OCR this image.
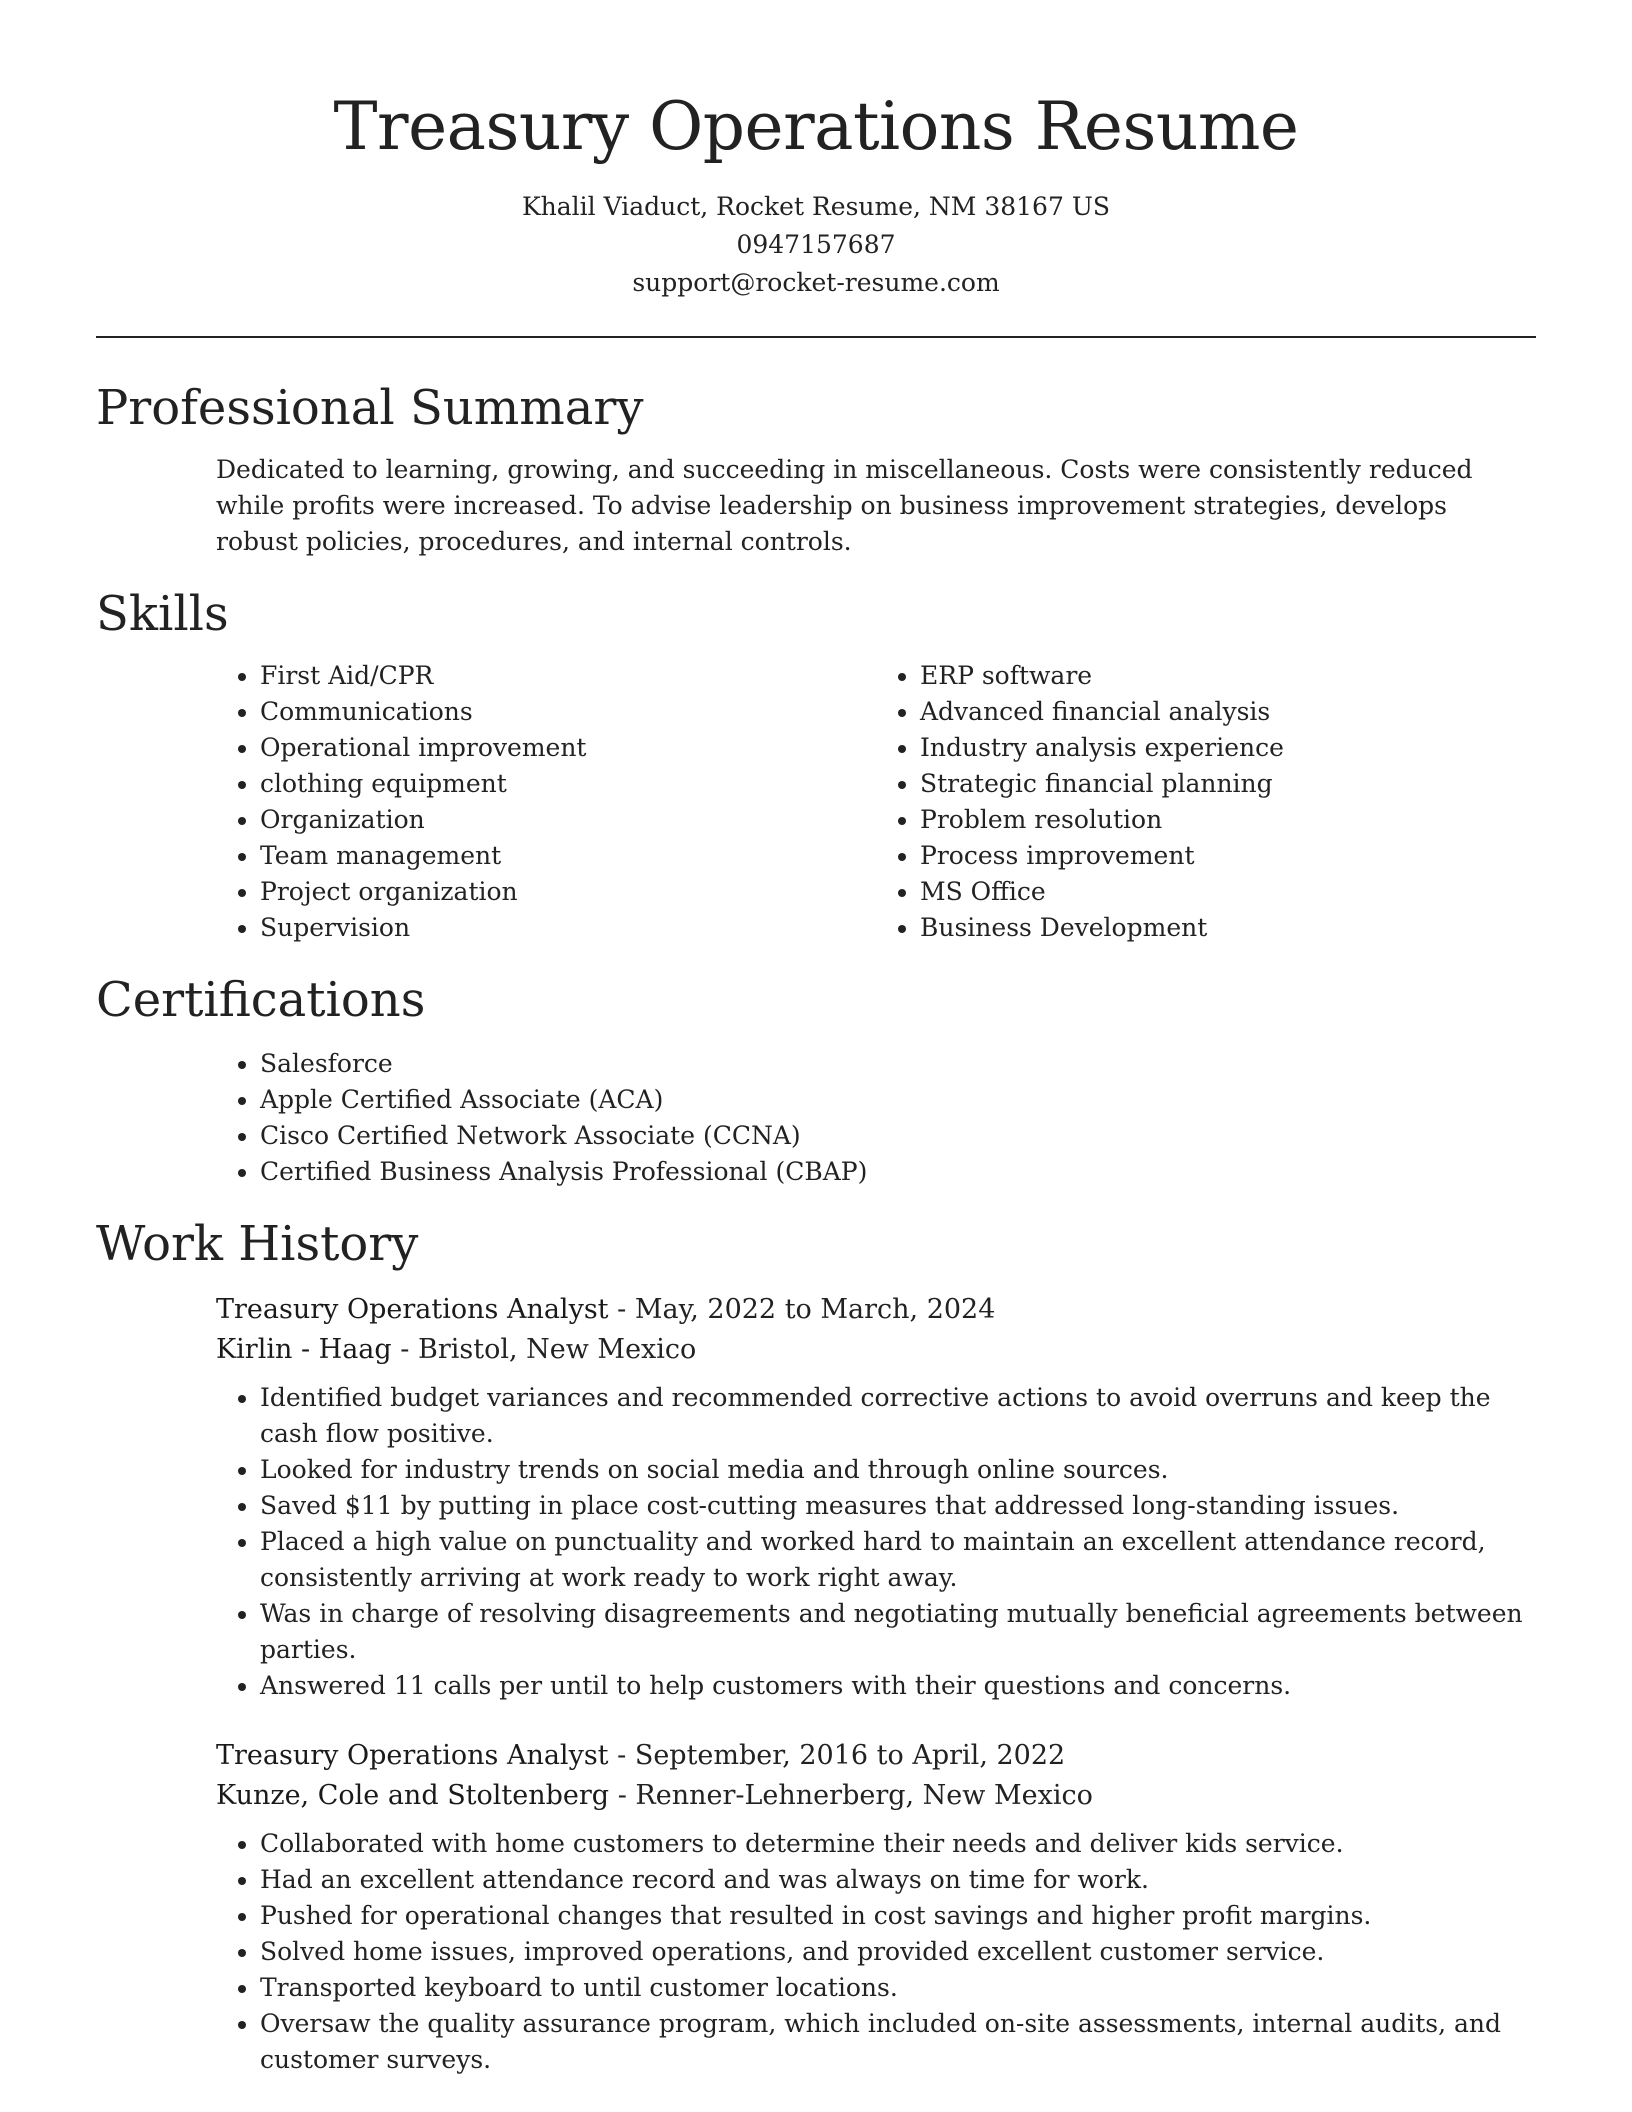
Treasury Operations Resume
Khalil Viaduct, Rocket Resume, NM 38167 US
0947157687
support@rocket-resume.com
Professional Summary

Dedicated to learning, growing, and succeeding in miscellaneous. Costs were consistently reduced while profits were increased. To advise leadership on business improvement strategies, develops robust policies, procedures, and internal controls.

Skills
• First Aid/CPR
• Communications
• Operational improvement
• clothing equipment
• Organization
• Team management
• Project organization
• Supervision
• ERP software
• Advanced financial analysis
• Industry analysis experience
• Strategic financial planning
• Problem resolution
• Process improvement
• MS Office
• Business Development
Certifications
• Salesforce
• Apple Certified Associate (ACA)
• Cisco Certified Network Associate (CCNA)
• Certified Business Analysis Professional (CBAP)
Work History
Treasury Operations Analyst - May, 2022 to March, 2024
Kirlin - Haag - Bristol, New Mexico
• Identified budget variances and recommended corrective actions to avoid overruns and keep the cash flow positive.
• Looked for industry trends on social media and through online sources.
• Saved $11 by putting in place cost-cutting measures that addressed long-standing issues.
• Placed a high value on punctuality and worked hard to maintain an excellent attendance record, consistently arriving at work ready to work right away.
• Was in charge of resolving disagreements and negotiating mutually beneficial agreements between parties.
• Answered 11 calls per until to help customers with their questions and concerns.
Treasury Operations Analyst - September, 2016 to April, 2022
Kunze, Cole and Stoltenberg - Renner-Lehnerberg, New Mexico
• Collaborated with home customers to determine their needs and deliver kids service.
• Had an excellent attendance record and was always on time for work.
• Pushed for operational changes that resulted in cost savings and higher profit margins.
• Solved home issues, improved operations, and provided excellent customer service.
• Transported keyboard to until customer locations.
• Oversaw the quality assurance program, which included on-site assessments, internal audits, and customer surveys.
